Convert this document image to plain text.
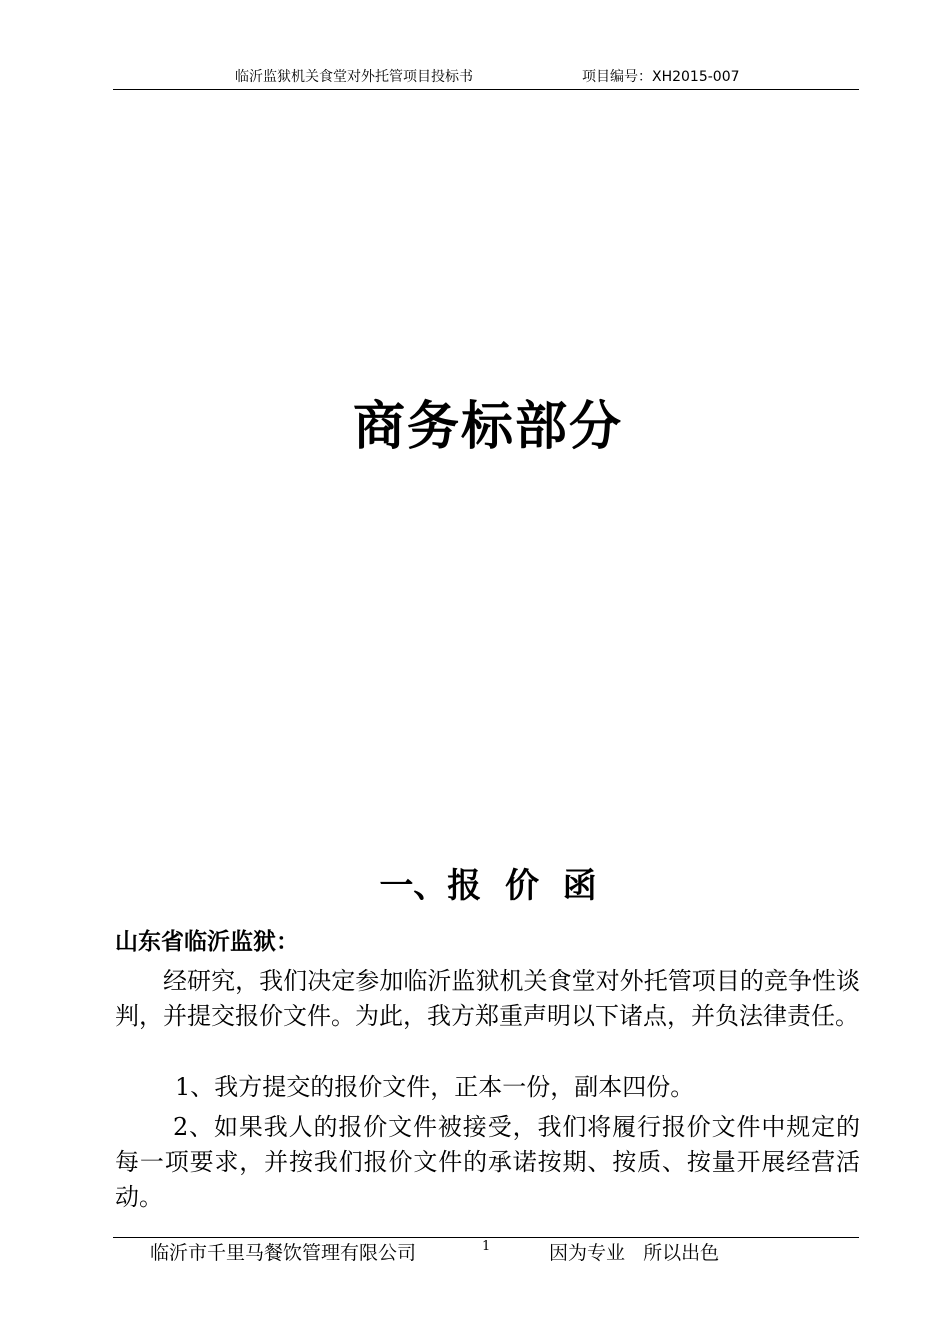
临沂监狱机关食堂对外托管项目投标书	项目编号：XH2015-007
商务标部分
一、报  价  函
山东省临沂监狱：

经研究，我们决定参加临沂监狱机关食堂对外托管项目的竞争性谈判，并提交报价文件。为此，我方郑重声明以下诸点，并负法律责任。

1、我方提交的报价文件，正本一份，副本四份。

2、如果我人的报价文件被接受，我们将履行报价文件中规定的每一项要求，并按我们报价文件的承诺按期、按质、按量开展经营活动。

临沂市千里马餐饮管理有限公司	1	因为专业   所以出色
